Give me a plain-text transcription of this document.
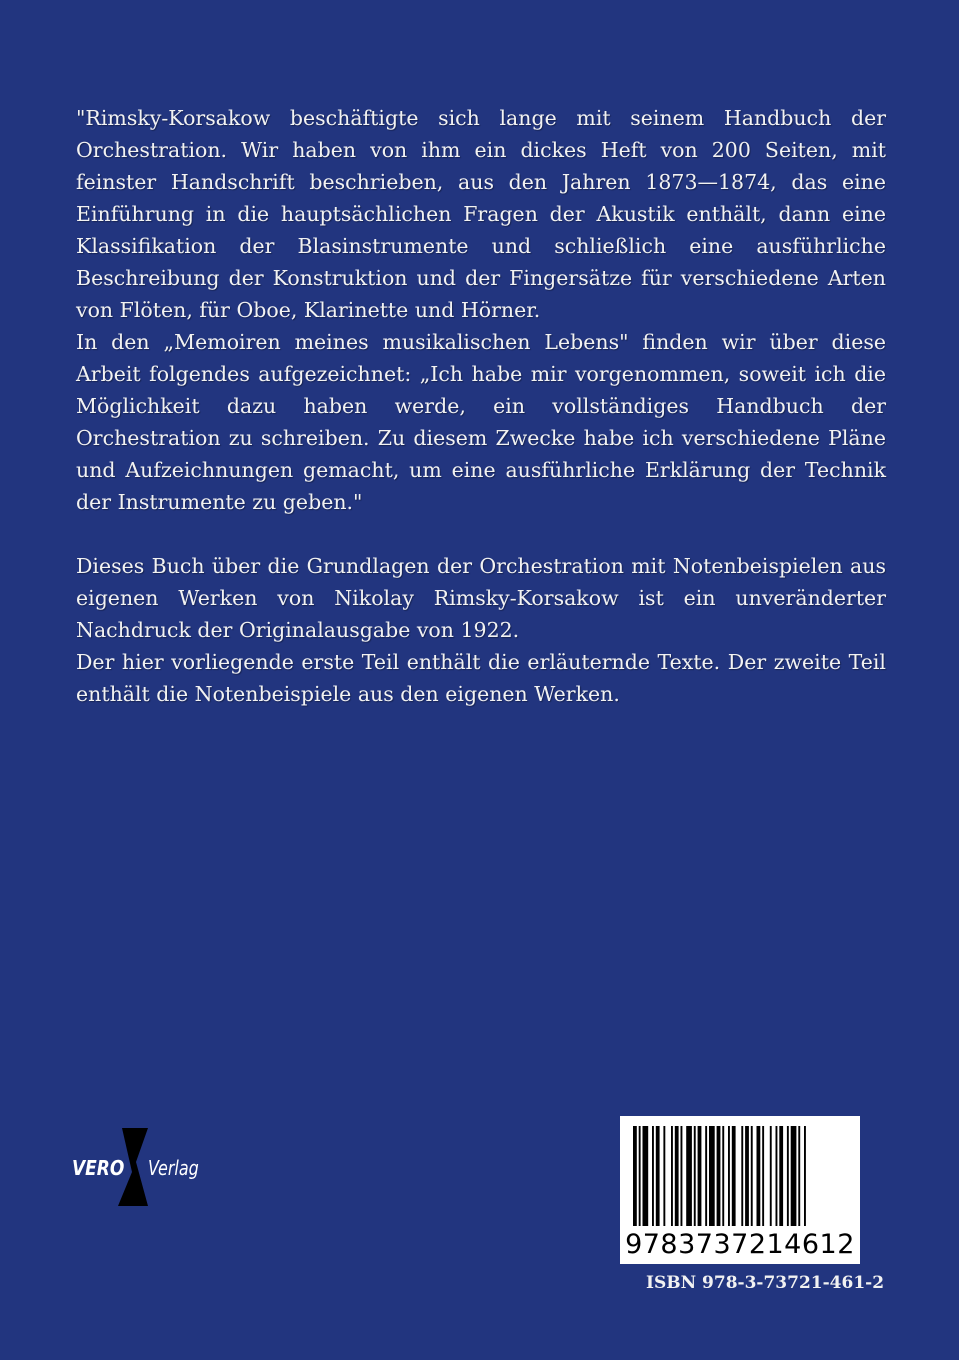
"Rimsky-Korsakow beschäftigte sich lange mit seinem Handbuch der Orchestration. Wir haben von ihm ein dickes Heft von 200 Seiten, mit feinster Handschrift beschrieben, aus den Jahren 1873—1874, das eine Einführung in die hauptsächlichen Fragen der Akustik enthält, dann eine Klassifikation der Blasinstrumente und schließlich eine ausführliche Beschreibung der Konstruktion und der Fingersätze für verschiedene Arten von Flöten, für Oboe, Klarinette und Hörner.

In den „Memoiren meines musikalischen Lebens" finden wir über diese Arbeit folgendes aufgezeichnet: „Ich habe mir vorgenommen, soweit ich die Möglichkeit dazu haben werde, ein vollständiges Handbuch der Orchestration zu schreiben. Zu diesem Zwecke habe ich verschiedene Pläne und Aufzeichnungen gemacht, um eine ausführliche Erklärung der Technik der Instrumente zu geben."

Dieses Buch über die Grundlagen der Orchestration mit Notenbeispielen aus eigenen Werken von Nikolay Rimsky-Korsakow ist ein unveränderter Nachdruck der Originalausgabe von 1922.

Der hier vorliegende erste Teil enthält die erläuternde Texte. Der zweite Teil enthält die Notenbeispiele aus den eigenen Werken.

VERO Verlag
9783737214612
ISBN 978-3-73721-461-2
